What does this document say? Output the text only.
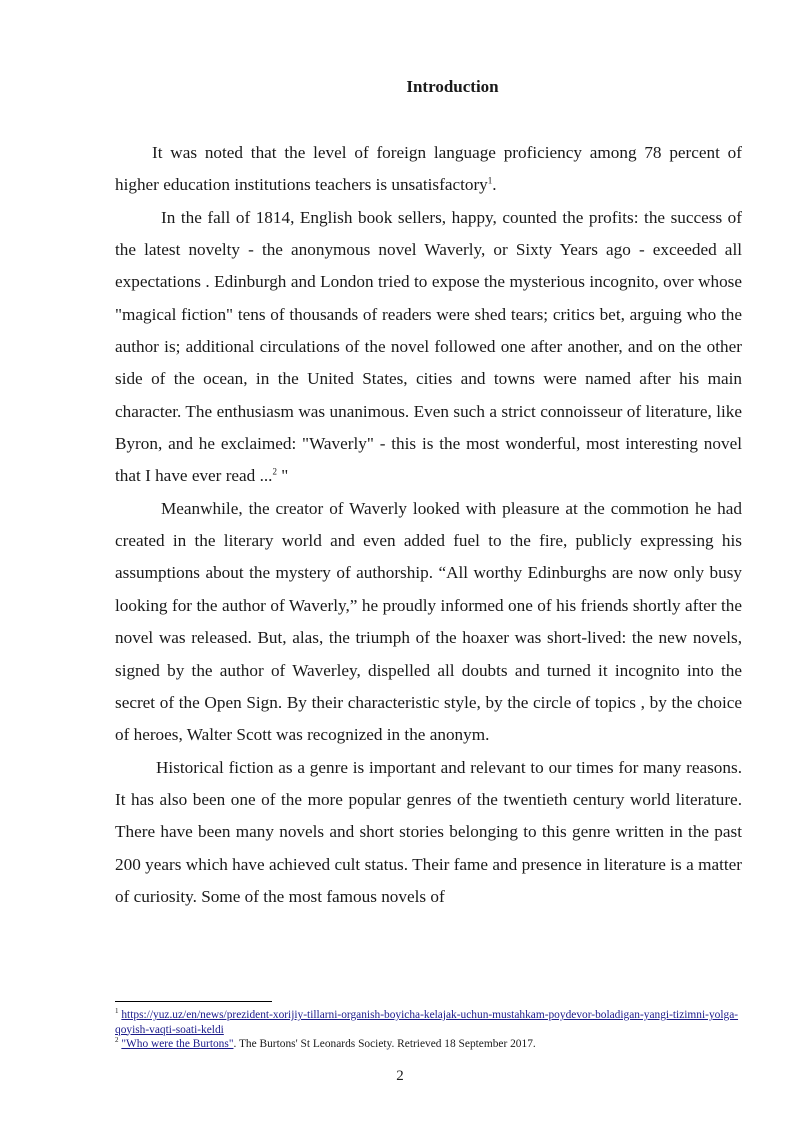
Introduction

It was noted that the level of foreign language proficiency among 78 percent of higher education institutions teachers is unsatisfactory$^1$.

In the fall of 1814, English book sellers, happy, counted the profits: the success of the latest novelty - the anonymous novel Waverly, or Sixty Years ago - exceeded all expectations . Edinburgh and London tried to expose the mysterious incognito, over whose "magical fiction" tens of thousands of readers were shed tears; critics bet, arguing who the author is; additional circulations of the novel followed one after another, and on the other side of the ocean, in the United States, cities and towns were named after his main character. The enthusiasm was unanimous. Even such a strict connoisseur of literature, like Byron, and he exclaimed: "Waverly" - this is the most wonderful, most interesting novel that I have ever read ...$^2$ "

Meanwhile, the creator of Waverly looked with pleasure at the commotion he had created in the literary world and even added fuel to the fire, publicly expressing his assumptions about the mystery of authorship. “All worthy Edinburghs are now only busy looking for the author of Waverly,” he proudly informed one of his friends shortly after the novel was released. But, alas, the triumph of the hoaxer was short-lived: the new novels, signed by the author of Waverley, dispelled all doubts and turned it incognito into the secret of the Open Sign. By their characteristic style, by the circle of topics , by the choice of heroes, Walter Scott was recognized in the anonym.

Historical fiction as a genre is important and relevant to our times for many reasons. It has also been one of the more popular genres of the twentieth century world literature. There have been many novels and short stories belonging to this genre written in the past 200 years which have achieved cult status. Their fame and presence in literature is a matter of curiosity. Some of the most famous novels of

$^1$ https://yuz.uz/en/news/prezident-xorijiy-tillarni-organish-boyicha-kelajak-uchun-mustahkam-poydevor-boladigan-yangi-tizimni-yolga-qoyish-vaqti-soati-keldi

$^2$ "Who were the Burtons". The Burtons' St Leonards Society. Retrieved 18 September 2017.

2
